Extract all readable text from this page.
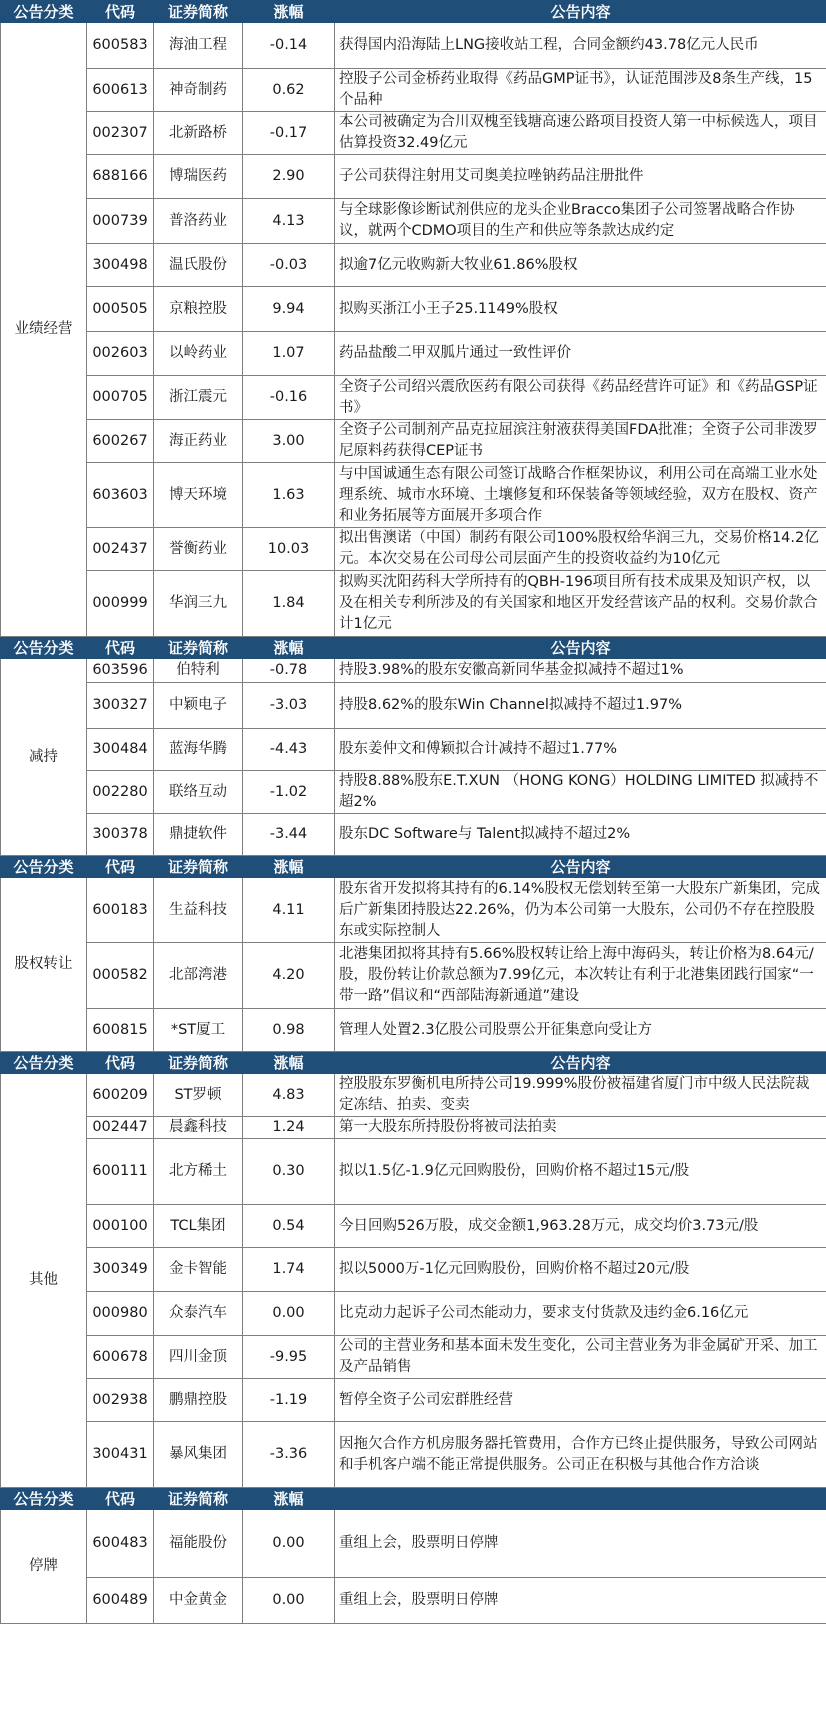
公告分类	代码	证券简称	涨幅	公告内容
业绩经营	600583	海油工程	-0.14	获得国内沿海陆上LNG接收站工程，合同金额约43.78亿元人民币
	600613	神奇制药	0.62	控股子公司金桥药业取得《药品GMP证书》，认证范围涉及8条生产线，15个品种
	002307	北新路桥	-0.17	本公司被确定为合川双槐至钱塘高速公路项目投资人第一中标候选人，项目估算投资32.49亿元
	688166	博瑞医药	2.90	子公司获得注射用艾司奥美拉唑钠药品注册批件
	000739	普洛药业	4.13	与全球影像诊断试剂供应的龙头企业Bracco集团子公司签署战略合作协议，就两个CDMO项目的生产和供应等条款达成约定
	300498	温氏股份	-0.03	拟逾7亿元收购新大牧业61.86%股权
	000505	京粮控股	9.94	拟购买浙江小王子25.1149%股权
	002603	以岭药业	1.07	药品盐酸二甲双胍片通过一致性评价
	000705	浙江震元	-0.16	全资子公司绍兴震欣医药有限公司获得《药品经营许可证》和《药品GSP证书》
	600267	海正药业	3.00	全资子公司制剂产品克拉屈滨注射液获得美国FDA批准；全资子公司非泼罗尼原料药获得CEP证书
	603603	博天环境	1.63	与中国诚通生态有限公司签订战略合作框架协议，利用公司在高端工业水处理系统、城市水环境、土壤修复和环保装备等领域经验，双方在股权、资产和业务拓展等方面展开多项合作
	002437	誉衡药业	10.03	拟出售澳诺（中国）制药有限公司100%股权给华润三九，交易价格14.2亿元。本次交易在公司母公司层面产生的投资收益约为10亿元
	000999	华润三九	1.84	拟购买沈阳药科大学所持有的QBH-196项目所有技术成果及知识产权，以及在相关专利所涉及的有关国家和地区开发经营该产品的权利。交易价款合计1亿元
公告分类	代码	证券简称	涨幅	公告内容
减持	603596	伯特利	-0.78	持股3.98%的股东安徽高新同华基金拟减持不超过1%
	300327	中颖电子	-3.03	持股8.62%的股东Win Channel拟减持不超过1.97%
	300484	蓝海华腾	-4.43	股东姜仲文和傅颖拟合计减持不超过1.77%
	002280	联络互动	-1.02	持股8.88%股东E.T.XUN （HONG KONG）HOLDING LIMITED 拟减持不超2%
	300378	鼎捷软件	-3.44	股东DC Software与 Talent拟减持不超过2%
公告分类	代码	证券简称	涨幅	公告内容
股权转让	600183	生益科技	4.11	股东省开发拟将其持有的6.14%股权无偿划转至第一大股东广新集团，完成后广新集团持股达22.26%，仍为本公司第一大股东，公司仍不存在控股股东或实际控制人
	000582	北部湾港	4.20	北港集团拟将其持有5.66%股权转让给上海中海码头，转让价格为8.64元/股，股份转让价款总额为7.99亿元，本次转让有利于北港集团践行国家“一带一路”倡议和“西部陆海新通道”建设
	600815	*ST厦工	0.98	管理人处置2.3亿股公司股票公开征集意向受让方
公告分类	代码	证券简称	涨幅	公告内容
其他	600209	ST罗顿	4.83	控股股东罗衡机电所持公司19.999%股份被福建省厦门市中级人民法院裁定冻结、拍卖、变卖
	002447	晨鑫科技	1.24	第一大股东所持股份将被司法拍卖
	600111	北方稀土	0.30	拟以1.5亿-1.9亿元回购股份，回购价格不超过15元/股
	000100	TCL集团	0.54	今日回购526万股，成交金额1,963.28万元，成交均价3.73元/股
	300349	金卡智能	1.74	拟以5000万-1亿元回购股份，回购价格不超过20元/股
	000980	众泰汽车	0.00	比克动力起诉子公司杰能动力，要求支付货款及违约金6.16亿元
	600678	四川金顶	-9.95	公司的主营业务和基本面未发生变化，公司主营业务为非金属矿开采、加工及产品销售
	002938	鹏鼎控股	-1.19	暂停全资子公司宏群胜经营
	300431	暴风集团	-3.36	因拖欠合作方机房服务器托管费用，合作方已终止提供服务，导致公司网站和手机客户端不能正常提供服务。公司正在积极与其他合作方洽谈
公告分类	代码	证券简称	涨幅	
停牌	600483	福能股份	0.00	重组上会，股票明日停牌
	600489	中金黄金	0.00	重组上会，股票明日停牌
